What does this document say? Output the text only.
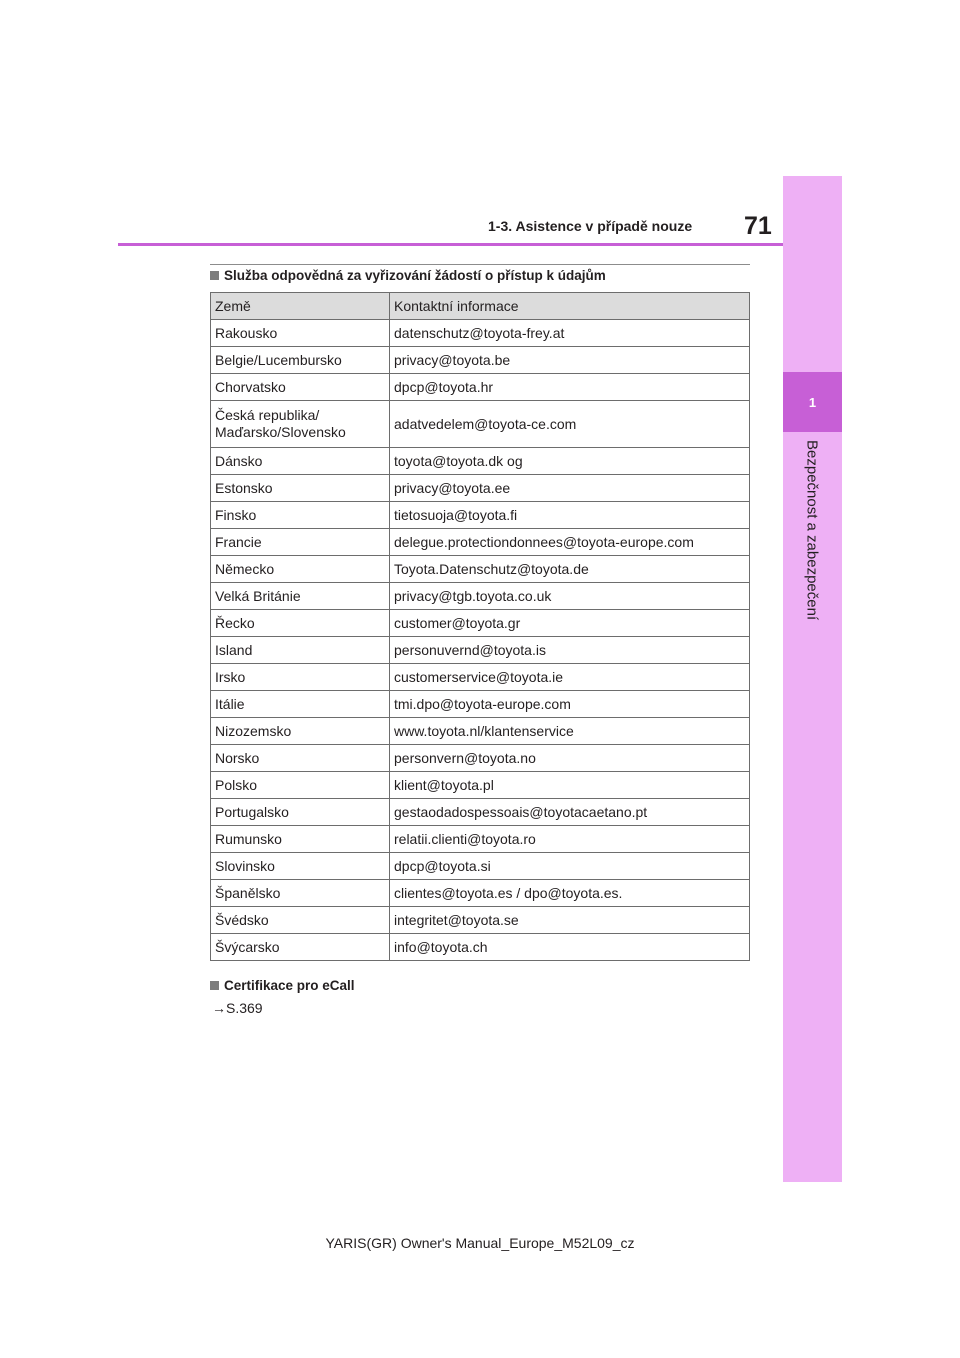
1
Bezpečnost a zabezpečení
1-3. Asistence v případě nouze 71
Služba odpovědná za vyřizování žádostí o přístup k údajům
Země	Kontaktní informace
Rakousko	datenschutz@toyota-frey.at
Belgie/Lucembursko	privacy@toyota.be
Chorvatsko	dpcp@toyota.hr
Česká republika/
Maďarsko/Slovensko	adatvedelem@toyota-ce.com
Dánsko	toyota@toyota.dk og
Estonsko	privacy@toyota.ee
Finsko	tietosuoja@toyota.fi
Francie	delegue.protectiondonnees@toyota-europe.com
Německo	Toyota.Datenschutz@toyota.de
Velká Británie	privacy@tgb.toyota.co.uk
Řecko	customer@toyota.gr
Island	personuvernd@toyota.is
Irsko	customerservice@toyota.ie
Itálie	tmi.dpo@toyota-europe.com
Nizozemsko	www.toyota.nl/klantenservice
Norsko	personvern@toyota.no
Polsko	klient@toyota.pl
Portugalsko	gestaodadospessoais@toyotacaetano.pt
Rumunsko	relatii.clienti@toyota.ro
Slovinsko	dpcp@toyota.si
Španělsko	clientes@toyota.es / dpo@toyota.es.
Švédsko	integritet@toyota.se
Švýcarsko	info@toyota.ch
Certifikace pro eCall
→S.369
YARIS(GR) Owner's Manual_Europe_M52L09_cz
